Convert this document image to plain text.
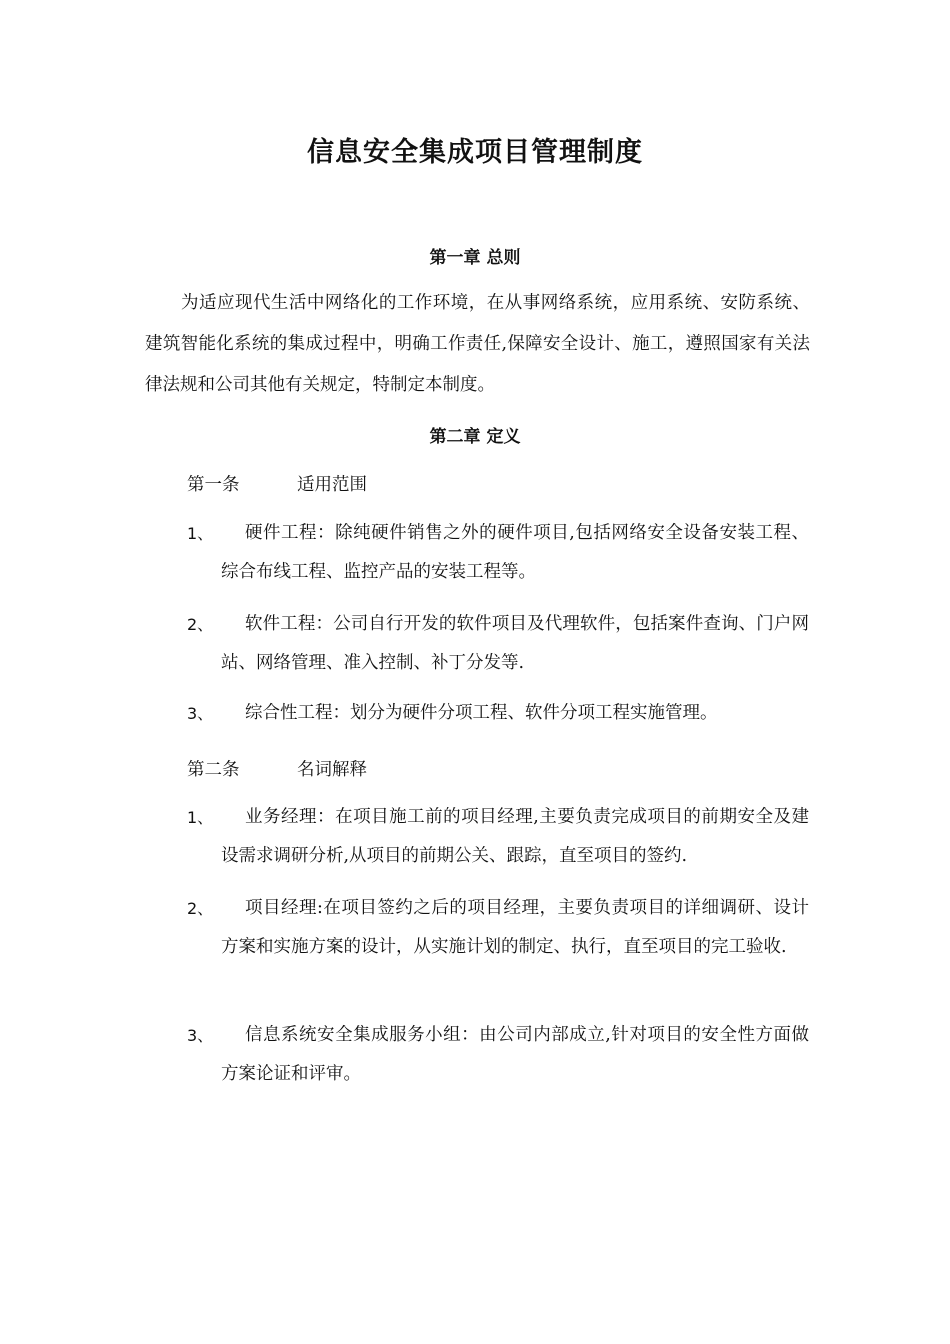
信息安全集成项目管理制度
第一章 总则
为适应现代生活中网络化的工作环境，在从事网络系统，应用系统、安防系统、建筑智能化系统的集成过程中，明确工作责任,保障安全设计、施工，遵照国家有关法律法规和公司其他有关规定，特制定本制度。
第二章 定义
第一条	适用范围
1、	硬件工程：除纯硬件销售之外的硬件项目,包括网络安全设备安装工程、综合布线工程、监控产品的安装工程等。
2、	软件工程：公司自行开发的软件项目及代理软件，包括案件查询、门户网站、网络管理、准入控制、补丁分发等.
3、	综合性工程：划分为硬件分项工程、软件分项工程实施管理。
第二条	名词解释
1、	业务经理：在项目施工前的项目经理,主要负责完成项目的前期安全及建设需求调研分析,从项目的前期公关、跟踪，直至项目的签约.
2、	项目经理:在项目签约之后的项目经理，主要负责项目的详细调研、设计方案和实施方案的设计，从实施计划的制定、执行，直至项目的完工验收.
3、	信息系统安全集成服务小组：由公司内部成立,针对项目的安全性方面做方案论证和评审。
